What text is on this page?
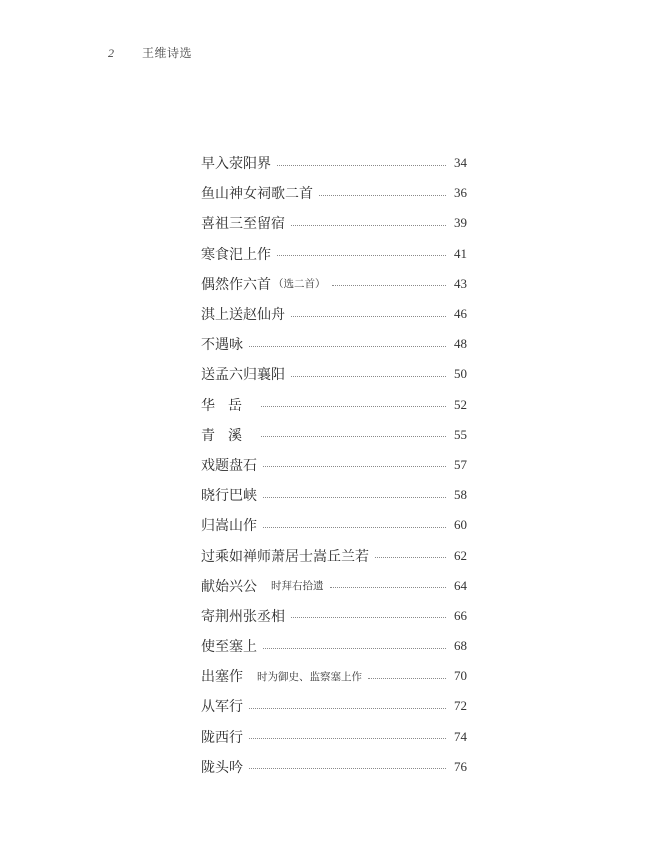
2	王维诗选
早入荥阳界	34
鱼山神女祠歌二首	36
喜祖三至留宿	39
寒食汜上作	41
偶然作六首 （选二首）	43
淇上送赵仙舟	46
不遇咏	48
送孟六归襄阳	50
华岳	52
青溪	55
戏题盘石	57
晓行巴峡	58
归嵩山作	60
过乘如禅师萧居士嵩丘兰若	62
献始兴公 时拜右拾遗	64
寄荆州张丞相	66
使至塞上	68
出塞作 时为御史、监察塞上作	70
从军行	72
陇西行	74
陇头吟	76
